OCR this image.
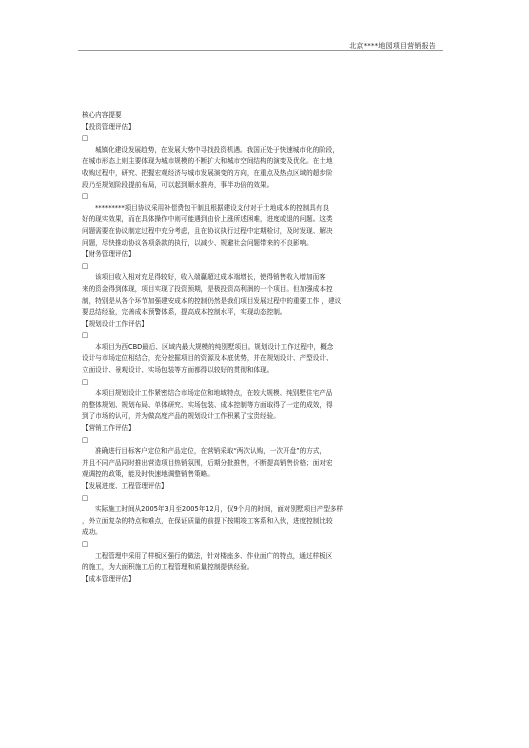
北京****地园项目营销报告
核心内容提要
【投资管理评估】
□
城镇化建设发展趋势，在发展大势中寻找投资机遇。我国正处于快速城市化的阶段，
在城市形态上则主要体现为城市规模的不断扩大和城市空间结构的演变及优化。在土地
收购过程中，研究、把握宏观经济与城市发展演变的方向，在重点及热点区域的超步阶
段乃至规划阶段提前布局，可以起到顺水推舟，事半功倍的效果。
□
*********项目协议采用补偿费包干制且根据建设支付对于土地成本的控制具有良
好的现实效果，而在具体操作中则可能遇到由价上涨所述困难，进度或退的问题。这类
问题需要在协议制定过程中充分考虑，且在协议执行过程中定期检讨，及时发现、解决
问题，尽快推动协议各项条款的执行，以减少、规避社会问题带来的不良影响。
【财务管理评估】
□
该项目收入相对充足得较好，收入端赢超过成本端增长，使得销售收入增加而客
来的资金得到体现，项目实现了投资预期，是极投资高利润的一个项目。但加强成本控
制，特别是从各个环节加强建安成本的控制仍然是我们项目发展过程中的重要工作 ，建议
要总结经验，完善成本预警体系，提高成本控制水平，实现动态控制。
【规划设计工作评估】
□
本项目为西CBD最后、区域内最大规模的纯别墅项目。规划设计工作过程中，概念
设计与市场定位相结合，充分挖掘项目的资源及本底优势，并在规划设计、产型设计、
立面设计、景观设计、实场包装等方面都得以较好的贯彻和体现。
□
本项目规划设计工作紧密结合市场定位和地域特点，在较大规模、纯别墅住宅产品
的整体规划、规划布局、单体研究、实场包装、成本控制等方面取得了一定的成效，得
到了市场的认可，并为做高度产品的规划设计工作积累了宝贵经验。
【营销工作评估】
□
准确进行目标客户定位和产品定位，在营销采取“两次认购，一次开盘”的方式，
并且不同产品同时推出营造项目热销氛围，后期分批推售，不断提高销售价格；面对宏
观调控的政策，能及时快速地调整销售策略。
【发展进度、工程管理评估】
□
实际施工时间从2005年3月至2005年12月，仅9个月的时间，面对别墅项目产型多样
，外立面复杂的特点和难点，在保证质量的前提下按期竣工客系和入伙，进度控制比较
成功。
□
工程管理中采用了样板区强行的做法，针对楼座多、作业面广的特点，通过样板区
的施工，为大面积施工后的工程管理和质量控制提供经验。
【成本管理评估】
